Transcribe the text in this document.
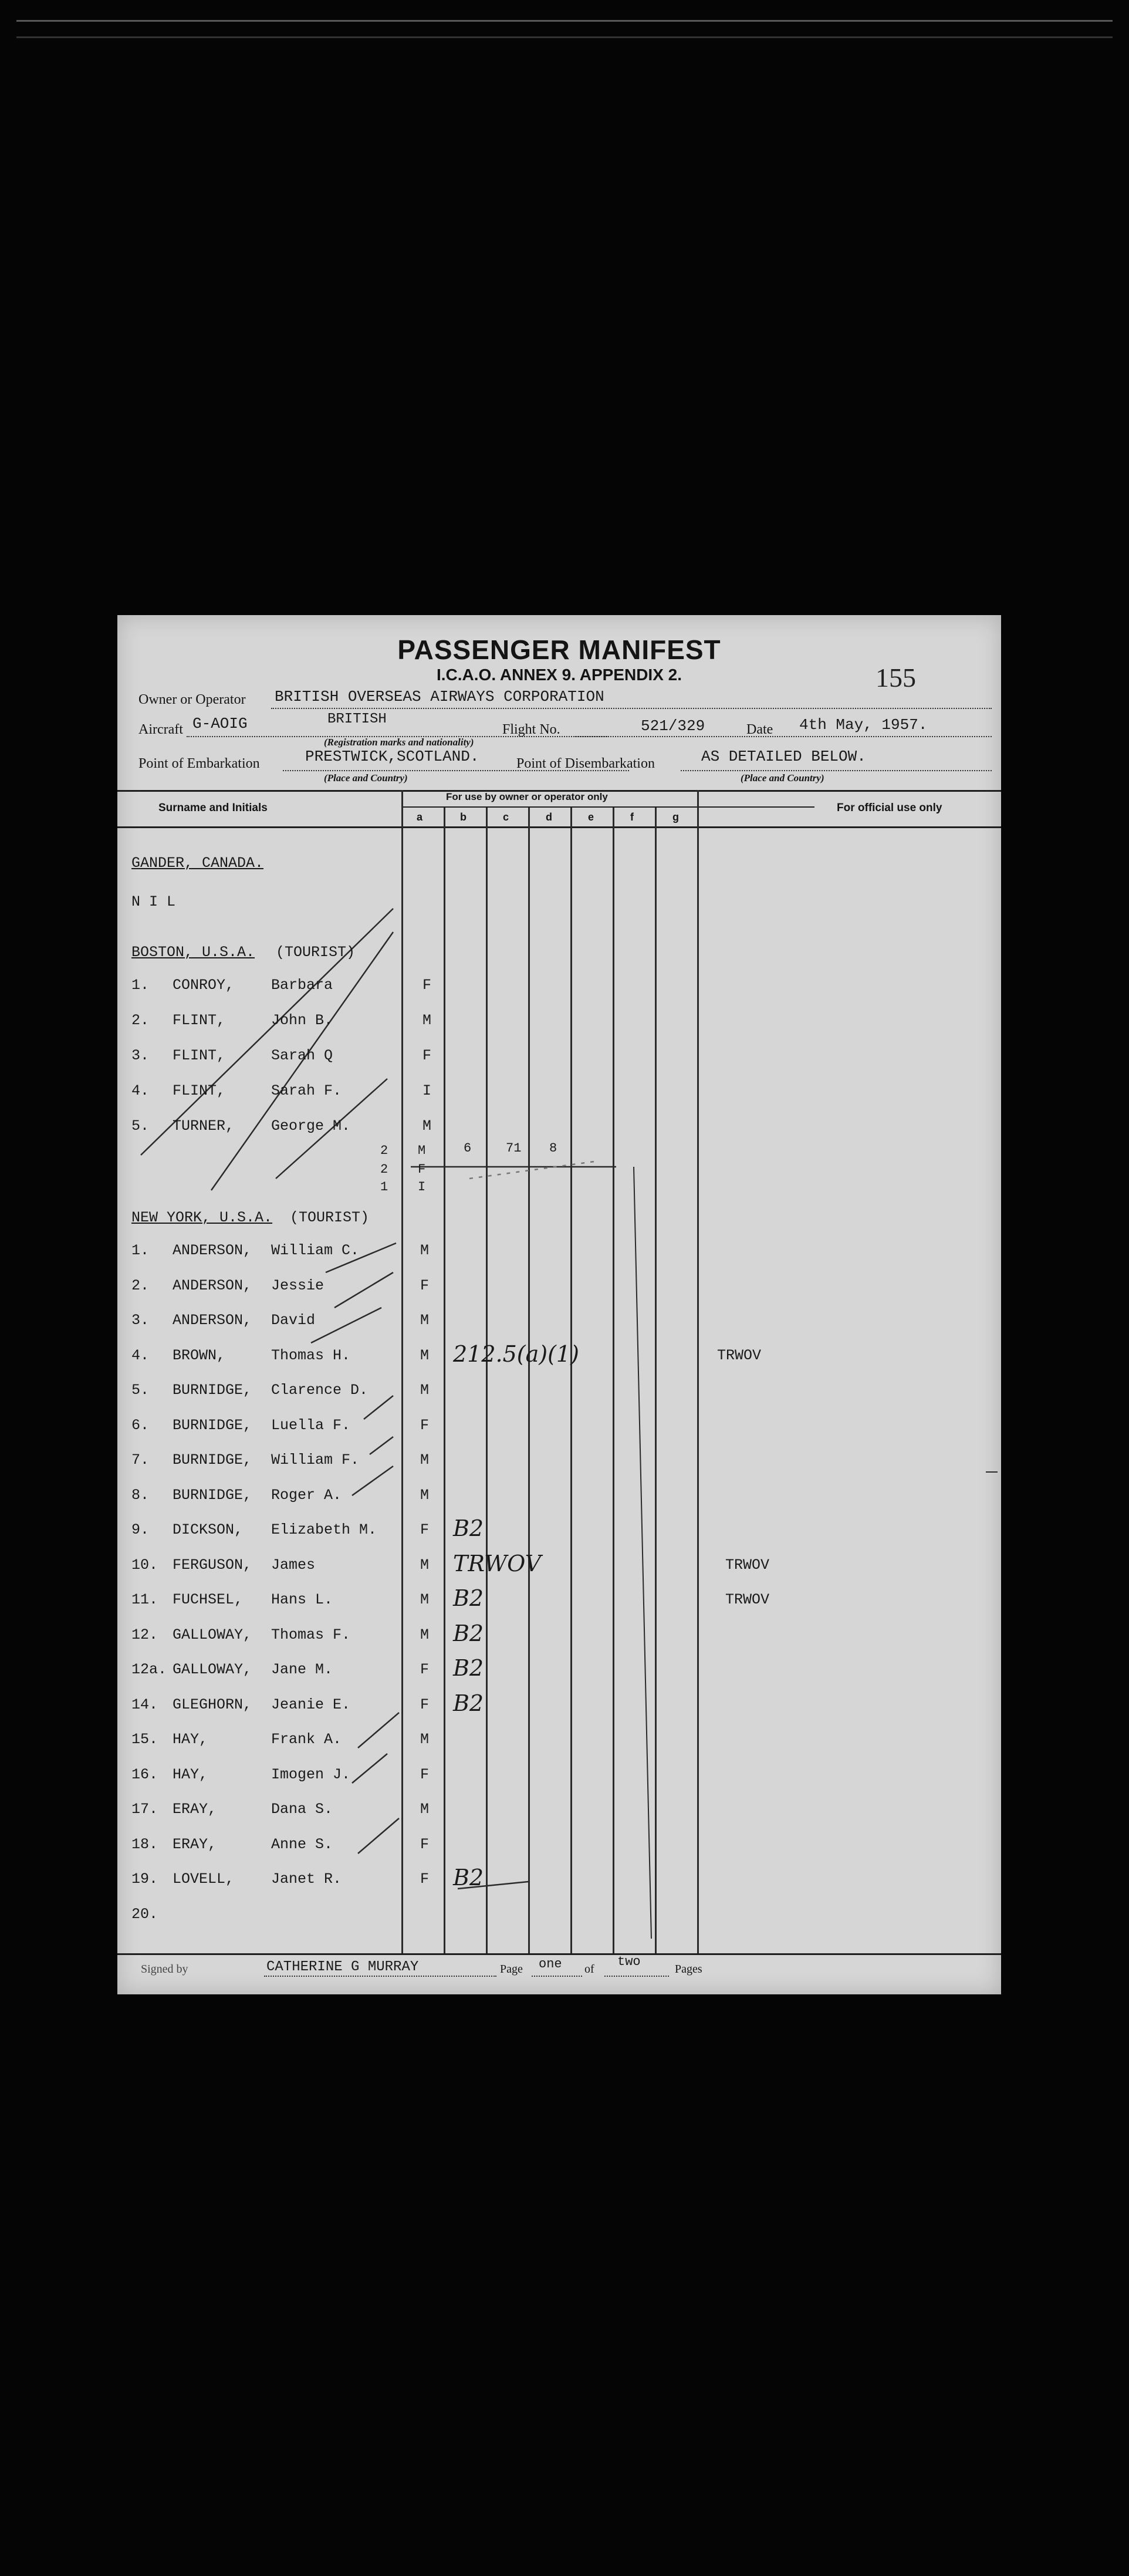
PASSENGER MANIFEST
I.C.A.O. ANNEX 9. APPENDIX 2.	155
Owner or Operator BRITISH OVERSEAS AIRWAYS CORPORATION
Aircraft G-AOIG	BRITISH
(Registration marks and nationality)
Flight No.	521/329	Date 4th May, 1957.
Point of Embarkation	PRESTWICK,SCOTLAND.
(Place and Country)
Point of Disembarkation	AS DETAILED BELOW.
(Place and Country)
Surname and Initials
For use by owner or operator only
For official use only
a	b	c	d	e	f	g
GANDER, CANADA.
N I L
BOSTON, U.S.A. (TOURIST)
1. CONROY,	Barbara	F
2. FLINT,	John B.	M
3. FLINT,	Sarah Q	F
4. FLINT,	Sarah F.	I
5. TURNER,	George M.	M
2 M	6	71 8
2 F
1 I
NEW YORK, U.S.A. (TOURIST)
1. ANDERSON, William C.	M
2. ANDERSON, Jessie	F
3. ANDERSON, David	M
4. BROWN,	Thomas H.	M 212.5(a)(1)	TRWOV
5. BURNIDGE, Clarence D.	M
6. BURNIDGE, Luella F.	F
7. BURNIDGE, William F.	M
8. BURNIDGE, Roger A.	M
9. DICKSON, Elizabeth M.	F B2
10. FERGUSON, James	M TRWOV	TRWOV
11. FUCHSEL, Hans L.	M B2	TRWOV
12. GALLOWAY, Thomas F.	M B2
12a. GALLOWAY, Jane M.	F B2
14. GLEGHORN, Jeanie E.	F B2
15. HAY,	Frank A.	M
16. HAY,	Imogen J.	F
17. ERAY,	Dana S.	M
18. ERAY,	Anne S.	F
19. LOVELL,	Janet R.	F B2
20.
Signed by	CATHERINE G MURRAY	Page one of two	Pages
